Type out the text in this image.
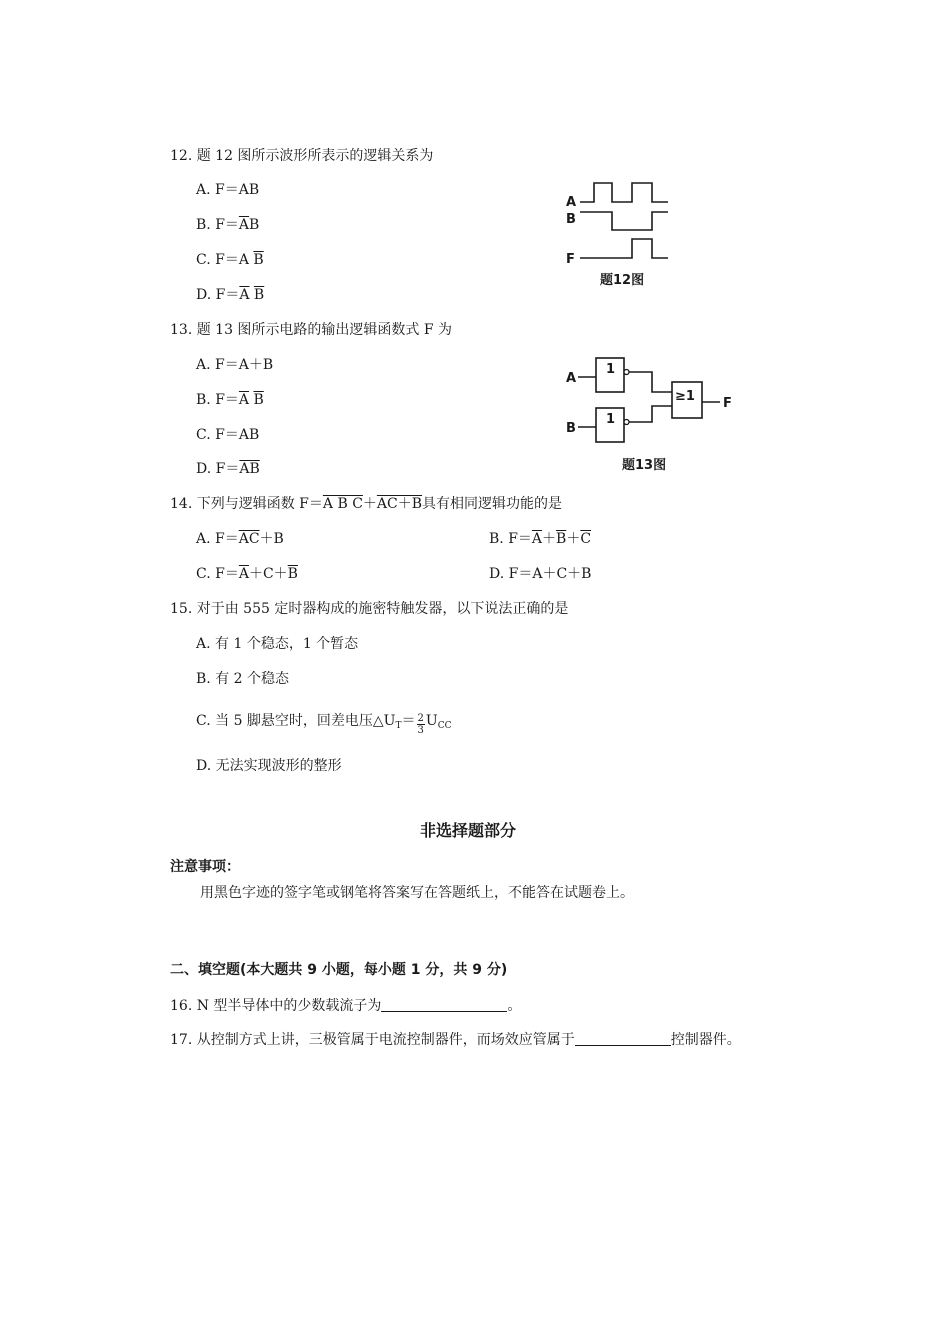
12. 题 12 图所示波形所表示的逻辑关系为
A. F＝AB
B. $F=\overline{A}B$
C. F＝A $\overline{B}$
D. $F=\overline{A}$ $\overline{B}$
A
B
F
题12图
13. 题 13 图所示电路的输出逻辑函数式 F 为
A. F＝A＋B
B. $F=\overline{A}$ $\overline{B}$
C. F＝AB
D. $F=\overline{AB}$
A
B
1
1
≥1 F
题13图
14. 下列与逻辑函数 F＝A B C＋AC＋B具有相同逻辑功能的是
A. $F=\overline{AC}+B$	B. $F=\overline{A}+\overline{B}+\overline{C}$
C. $F=\overline{A}+C+\overline{B}$	D. F＝A＋C＋B
15. 对于由 555 定时器构成的施密特触发器，以下说法正确的是
A. 有 1 个稳态，1 个暂态
B. 有 2 个稳态
C. 当 5 脚悬空时，回差电压$\triangle U_T= \frac{2}{3} U_{CC}$
D. 无法实现波形的整形
非选择题部分
注意事项：
用黑色字迹的签字笔或钢笔将答案写在答题纸上，不能答在试题卷上。
二、填空题(本大题共 9 小题，每小题 1 分，共 9 分)
16. N 型半导体中的少数载流子为	。
17. 从控制方式上讲，三极管属于电流控制器件，而场效应管属于	控制器件。
